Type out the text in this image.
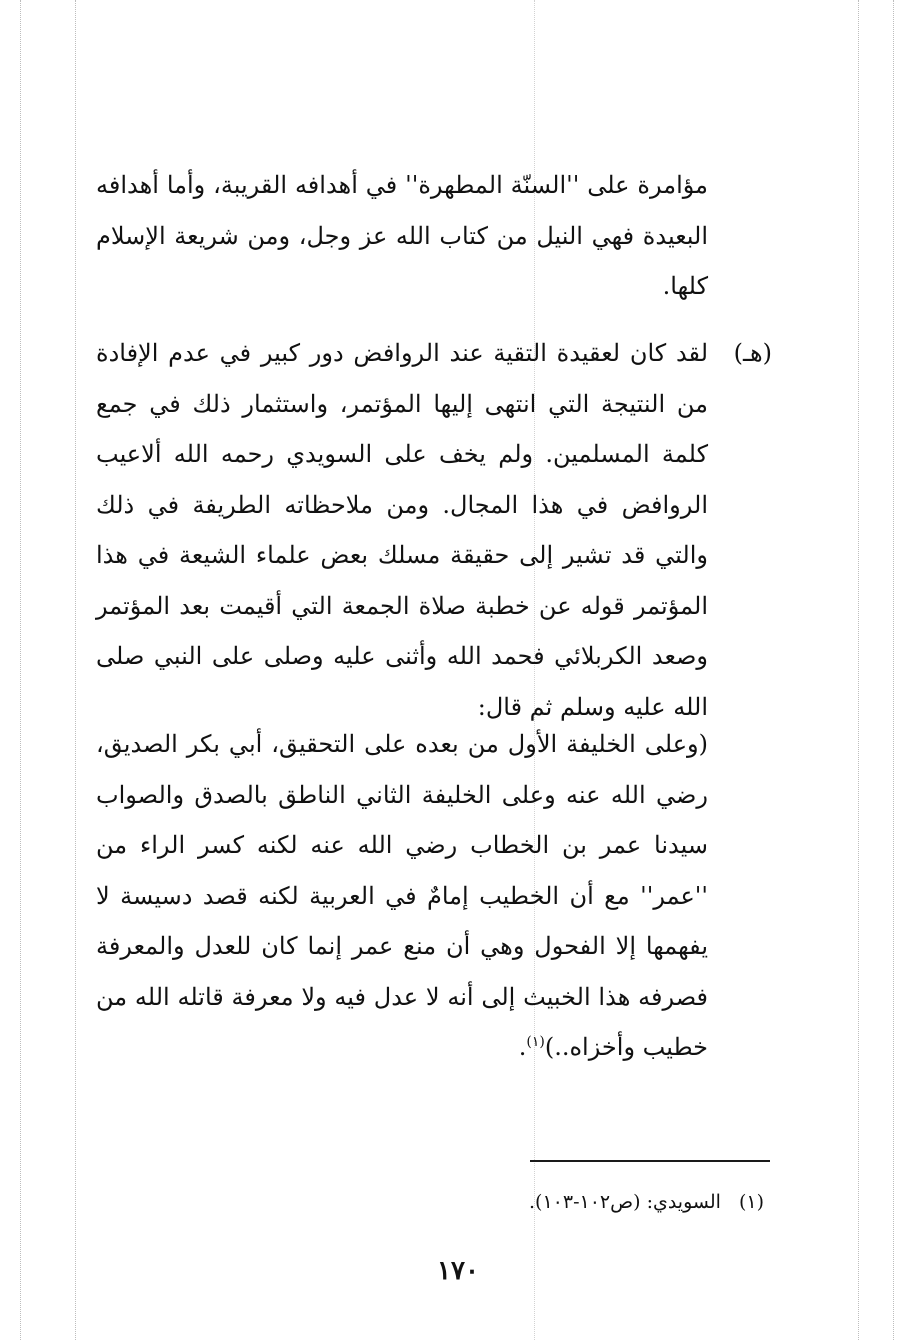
مؤامرة على ''السنّة المطهرة'' في أهدافه القريبة، وأما أهدافه البعيدة فهي النيل من كتاب الله عز وجل، ومن شريعة الإسلام كلها.

(هـ)

لقد كان لعقيدة التقية عند الروافض دور كبير في عدم الإفادة من النتيجة التي انتهى إليها المؤتمر، واستثمار ذلك في جمع كلمة المسلمين. ولم يخف على السويدي رحمه الله ألاعيب الروافض في هذا المجال. ومن ملاحظاته الطريفة في ذلك والتي قد تشير إلى حقيقة مسلك بعض علماء الشيعة في هذا المؤتمر قوله عن خطبة صلاة الجمعة التي أقيمت بعد المؤتمر وصعد الكربلائي فحمد الله وأثنى عليه وصلى على النبي صلى الله عليه وسلم ثم قال:

(وعلى الخليفة الأول من بعده على التحقيق، أبي بكر الصديق، رضي الله عنه وعلى الخليفة الثاني الناطق بالصدق والصواب سيدنا عمر بن الخطاب رضي الله عنه لكنه كسر الراء من ''عمر'' مع أن الخطيب إمامٌ في العربية لكنه قصد دسيسة لا يفهمها إلا الفحول وهي أن منع عمر إنما كان للعدل والمعرفة فصرفه هذا الخبيث إلى أنه لا عدل فيه ولا معرفة قاتله الله من خطيب وأخزاه..)$^{(١)}$.

(١)السويدي: (ص١٠٢-١٠٣).
١٧٠
